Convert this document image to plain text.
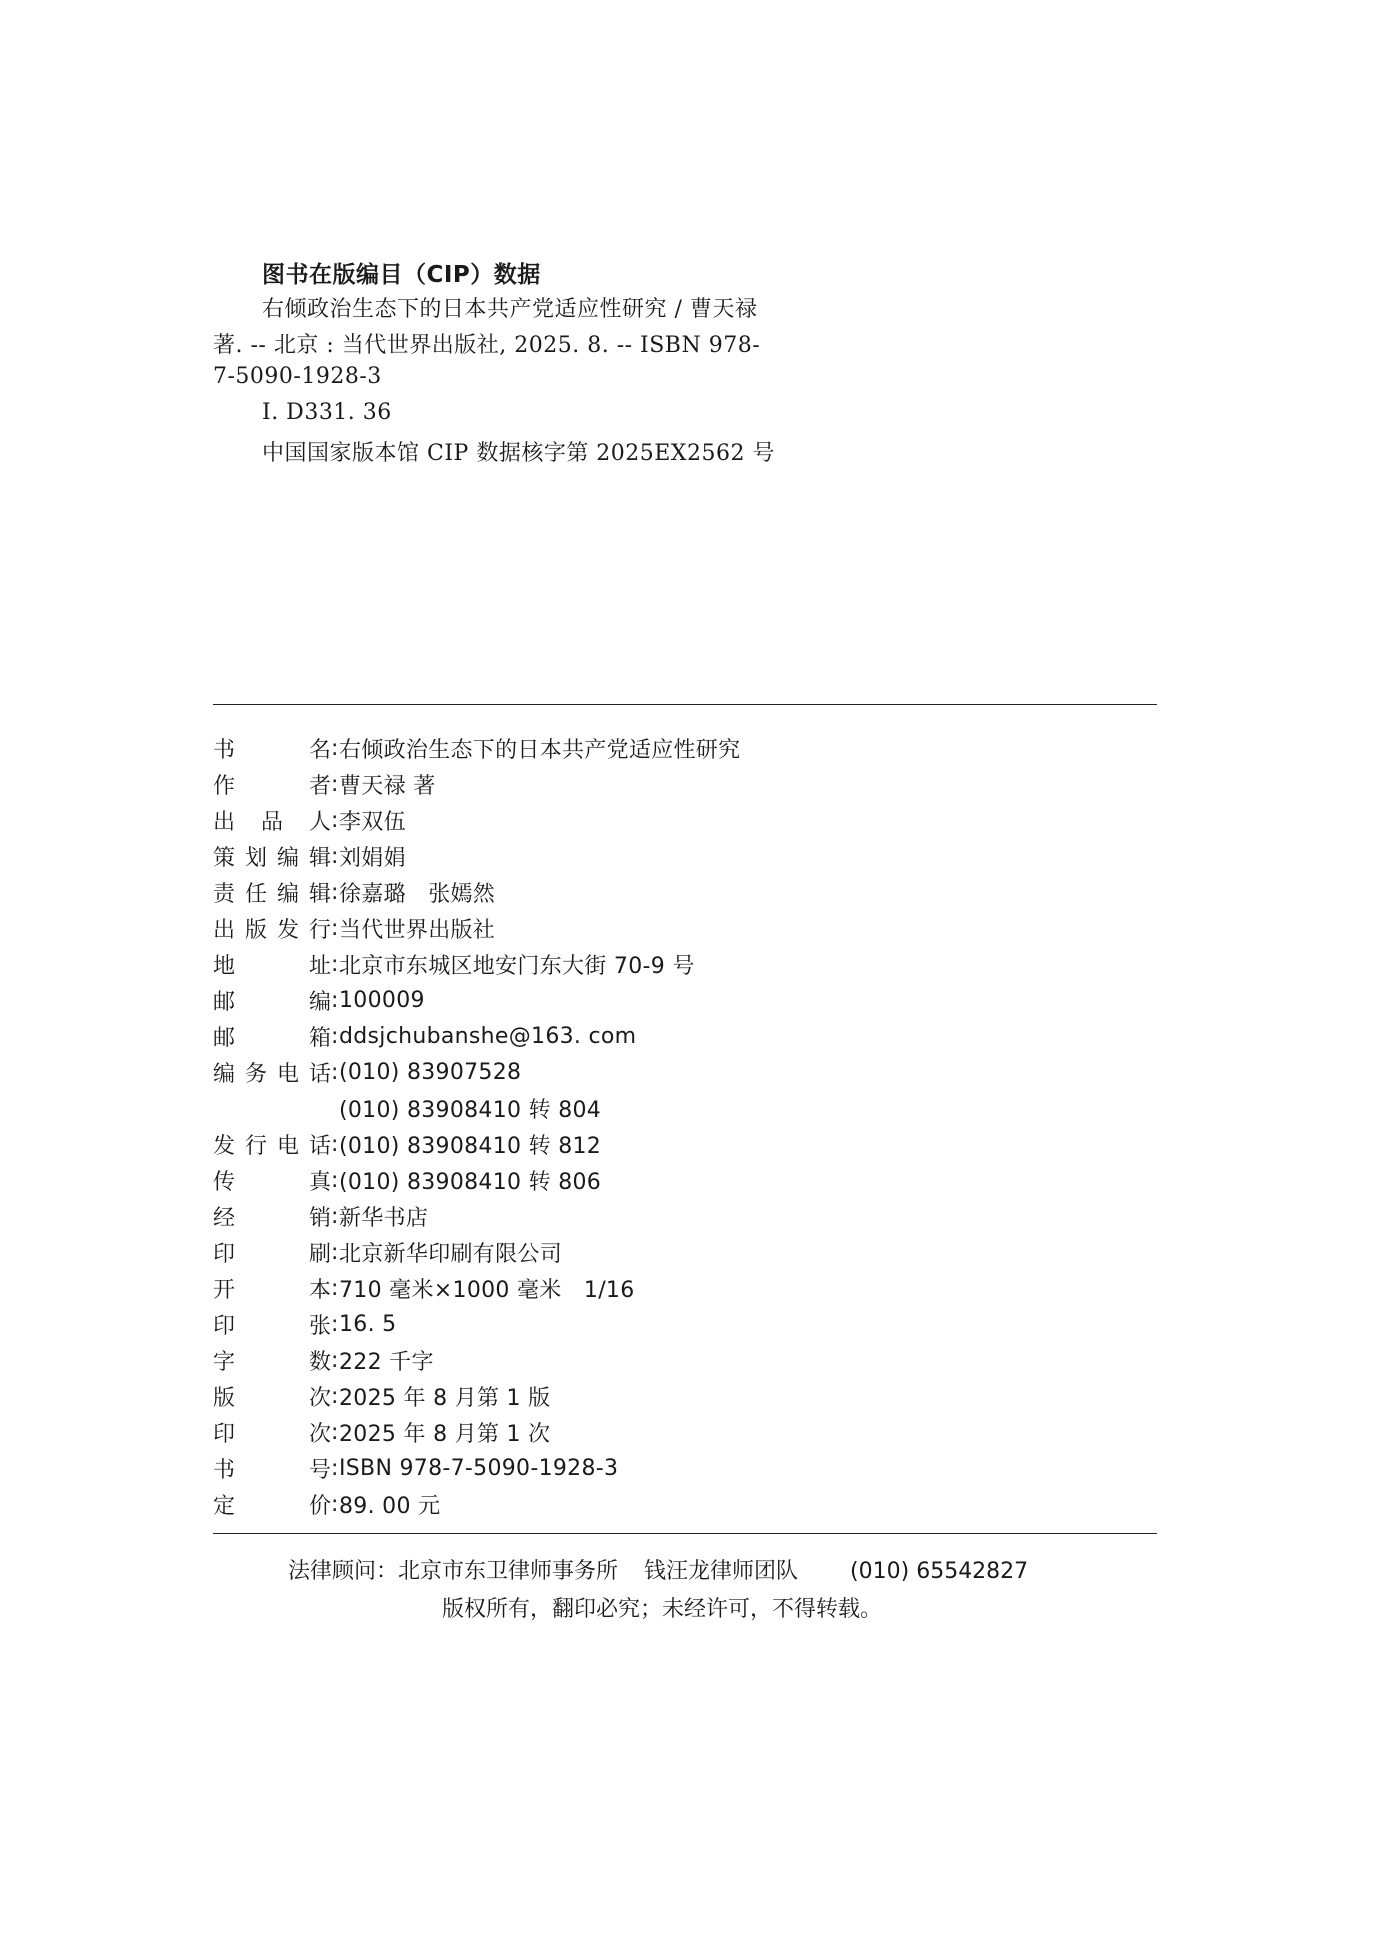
图书在版编目（CIP）数据
右倾政治生态下的日本共产党适应性研究 / 曹天禄
著. -- 北京 : 当代世界出版社, 2025. 8. -- ISBN 978-
7-5090-1928-3
Ⅰ. D331. 36
中国国家版本馆 CIP 数据核字第 2025EX2562 号
书	名 : 右倾政治生态下的日本共产党适应性研究
作	者 : 曹天禄 著
出 品 人 : 李双伍
策 划 编 辑 : 刘娟娟
责 任 编 辑 : 徐嘉璐　张嫣然
出 版 发 行 : 当代世界出版社
地	址 : 北京市东城区地安门东大街 70-9 号
邮	编 : 100009
邮	箱 : ddsjchubanshe@163. com
编 务 电 话 : (010) 83907528
(010) 83908410 转 804
发 行 电 话 : (010) 83908410 转 812
传	真 : (010) 83908410 转 806
经	销 : 新华书店
印	刷 : 北京新华印刷有限公司
开	本 : 710 毫米×1000 毫米　1/16
印	张 : 16. 5
字	数 : 222 千字
版	次 : 2025 年 8 月第 1 版
印	次 : 2025 年 8 月第 1 次
书	号 : ISBN 978-7-5090-1928-3
定	价 : 89. 00 元
法律顾问：北京市东卫律师事务所 钱汪龙律师团队 (010) 65542827
版权所有，翻印必究；未经许可，不得转载。
